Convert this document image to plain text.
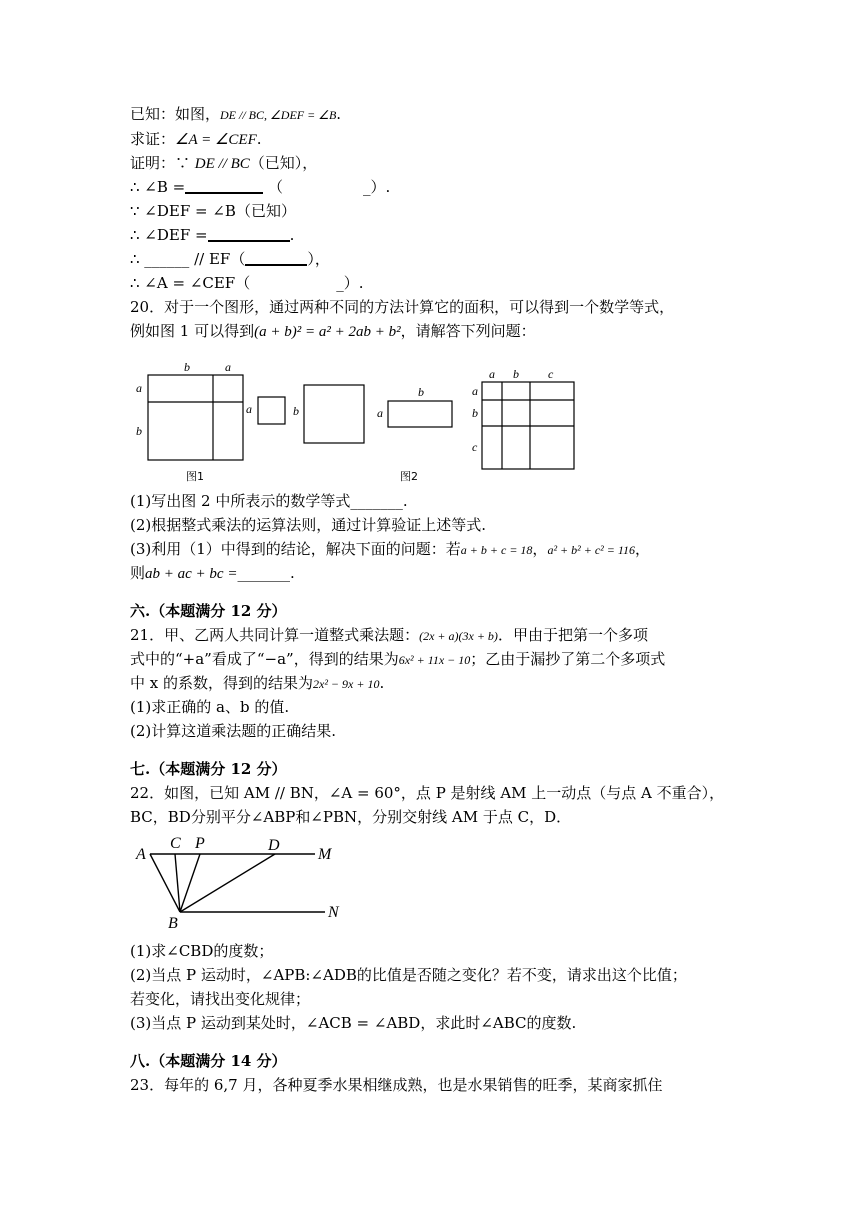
已知：如图，DE // BC, ∠DEF = ∠B.
求证：∠A = ∠CEF.
证明：∵ DE // BC（已知），
∴ ∠B =	（	_）.
∵ ∠DEF = ∠B（已知）
∴ ∠DEF =	.
∴ ______ // EF（	），
∴ ∠A = ∠CEF（	_）.
20．对于一个图形，通过两种不同的方法计算它的面积，可以得到一个数学等式，
例如图 1 可以得到(a + b)² = a² + 2ab + b²，请解答下列问题：
b	a
a
b
图1
a	b	a
b
图2
a b c
a
b
c
(1)写出图 2 中所表示的数学等式_______.
(2)根据整式乘法的运算法则，通过计算验证上述等式.
(3)利用（1）中得到的结论，解决下面的问题：若a + b + c = 18，a² + b² + c² = 116，
则ab + ac + bc =_______.
六.（本题满分 12 分）
21．甲、乙两人共同计算一道整式乘法题：(2x + a)(3x + b)．甲由于把第一个多项
式中的“+a”看成了“−a”，得到的结果为6x² + 11x − 10；乙由于漏抄了第二个多项式
中 x 的系数，得到的结果为2x² − 9x + 10.
(1)求正确的 a、b 的值.
(2)计算这道乘法题的正确结果.
七.（本题满分 12 分）
22．如图，已知 AM // BN，∠A = 60°，点 P 是射线 AM 上一动点（与点 A 不重合），
BC，BD分别平分∠ABP和∠PBN，分别交射线 AM 于点 C，D．
A
C P	D
M
B
N
(1)求∠CBD的度数；
(2)当点 P 运动时，∠APB:∠ADB的比值是否随之变化？若不变，请求出这个比值；
若变化，请找出变化规律；
(3)当点 P 运动到某处时，∠ACB = ∠ABD，求此时∠ABC的度数.
八.（本题满分 14 分）
23．每年的 6,7 月，各种夏季水果相继成熟，也是水果销售的旺季，某商家抓住
